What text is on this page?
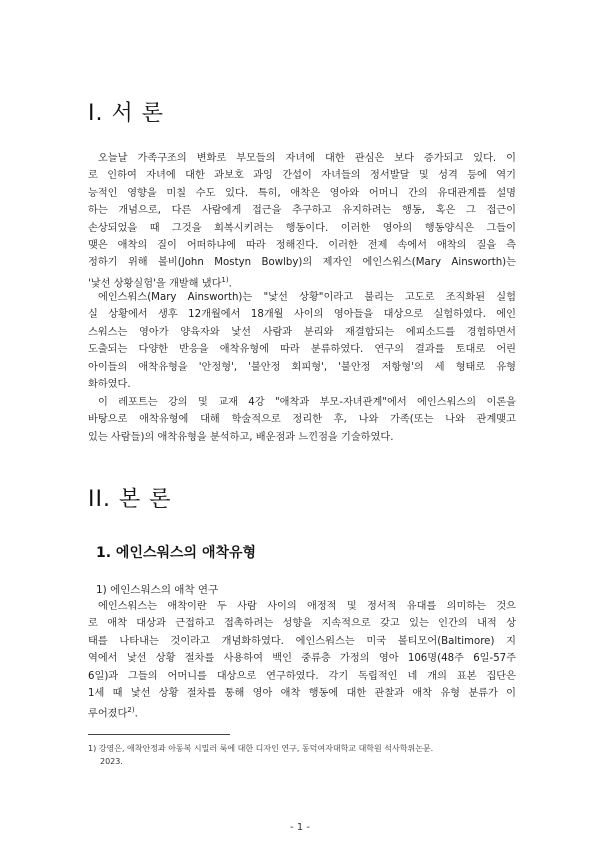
I. 서 론
오늘날 가족구조의 변화로 부모들의 자녀에 대한 관심은 보다 증가되고 있다. 이
로 인하여 자녀에 대한 과보호 과잉 간섭이 자녀들의 정서발달 및 성격 등에 역기
능적인 영향을 미칠 수도 있다. 특히, 애착은 영아와 어머니 간의 유대관계를 설명
하는 개념으로, 다른 사람에게 접근을 추구하고 유지하려는 행동, 혹은 그 접근이
손상되었을 때 그것을 회복시키려는 행동이다. 이러한 영아의 행동양식은 그들이
맺은 애착의 질이 어떠하냐에 따라 정해진다. 이러한 전제 속에서 애착의 질을 측
정하기 위해 볼비(John Mostyn Bowlby)의 제자인 에인스워스(Mary Ainsworth)는
'낯선 상황실험'을 개발해 냈다$^{1)}$.
에인스워스(Mary Ainsworth)는 "낯선 상황"이라고 불리는 고도로 조직화된 실험
실 상황에서 생후 12개월에서 18개월 사이의 영아들을 대상으로 실험하였다. 에인
스워스는 영아가 양육자와 낯선 사람과 분리와 재결합되는 에피소드를 경험하면서
도출되는 다양한 반응을 애착유형에 따라 분류하였다. 연구의 결과를 토대로 어린
아이들의 애착유형을 '안정형', '불안정 회피형', '불안정 저항형'의 세 형태로 유형
화하였다.
이 레포트는 강의 및 교재 4강 "애착과 부모-자녀관계"에서 에인스워스의 이론을
바탕으로 애착유형에 대해 학술적으로 정리한 후, 나와 가족(또는 나와 관계맺고
있는 사람들)의 애착유형을 분석하고, 배운점과 느낀점을 기술하였다.
II. 본 론
1. 에인스워스의 애착유형
1) 에인스워스의 애착 연구
에인스워스는 애착이란 두 사람 사이의 애정적 및 정서적 유대를 의미하는 것으
로 애착 대상과 근접하고 접촉하려는 성향을 지속적으로 갖고 있는 인간의 내적 상
태를 나타내는 것이라고 개념화하였다. 에인스워스는 미국 볼티모어(Baltimore) 지
역에서 낯선 상황 절차를 사용하여 백인 중류층 가정의 영아 106명(48주 6일-57주
6일)과 그들의 어머니를 대상으로 연구하였다. 각기 독립적인 네 개의 표본 집단은
1세 때 낯선 상황 절차를 통해 영아 애착 행동에 대한 관찰과 애착 유형 분류가 이
루어졌다$^{2)}$.
1) 강영은, 애착안정과 아동복 시밀러 룩에 대한 디자인 연구, 동덕여자대학교 대학원 석사학위논문.
2023.
- 1 -
